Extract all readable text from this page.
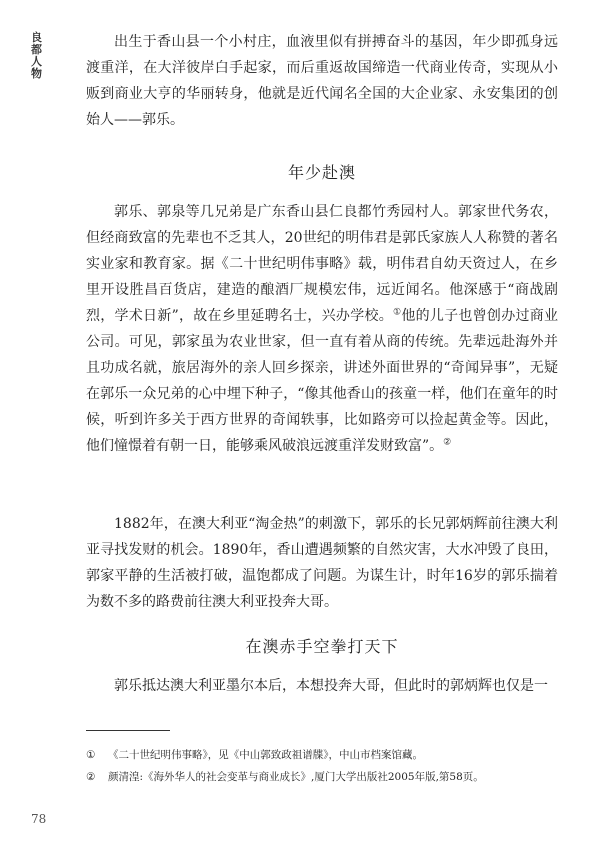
良都人物

出生于香山县一个小村庄，血液里似有拼搏奋斗的基因，年少即孤身远渡重洋，在大洋彼岸白手起家，而后重返故国缔造一代商业传奇，实现从小贩到商业大亨的华丽转身，他就是近代闻名全国的大企业家、永安集团的创始人——郭乐。

年少赴澳

郭乐、郭泉等几兄弟是广东香山县仁良都竹秀园村人。郭家世代务农，但经商致富的先辈也不乏其人，20世纪的明伟君是郭氏家族人人称赞的著名实业家和教育家。据《二十世纪明伟事略》载，明伟君自幼天资过人，在乡里开设胜昌百货店，建造的酿酒厂规模宏伟，远近闻名。他深感于“商战剧烈，学术日新”，故在乡里延聘名士，兴办学校。①他的儿子也曾创办过商业公司。可见，郭家虽为农业世家，但一直有着从商的传统。先辈远赴海外并且功成名就，旅居海外的亲人回乡探亲，讲述外面世界的“奇闻异事”，无疑在郭乐一众兄弟的心中埋下种子，“像其他香山的孩童一样，他们在童年的时候，听到许多关于西方世界的奇闻轶事，比如路旁可以捡起黄金等。因此，他们憧憬着有朝一日，能够乘风破浪远渡重洋发财致富”。②

1882年，在澳大利亚“淘金热”的刺激下，郭乐的长兄郭炳辉前往澳大利亚寻找发财的机会。1890年，香山遭遇频繁的自然灾害，大水冲毁了良田，郭家平静的生活被打破，温饱都成了问题。为谋生计，时年16岁的郭乐揣着为数不多的路费前往澳大利亚投奔大哥。

在澳赤手空拳打天下

郭乐抵达澳大利亚墨尔本后，本想投奔大哥，但此时的郭炳辉也仅是一

①	《二十世纪明伟事略》，见《中山郭致政祖谱牒》，中山市档案馆藏。
②	颜清湟:《海外华人的社会变革与商业成长》,厦门大学出版社2005年版,第58页。
78
